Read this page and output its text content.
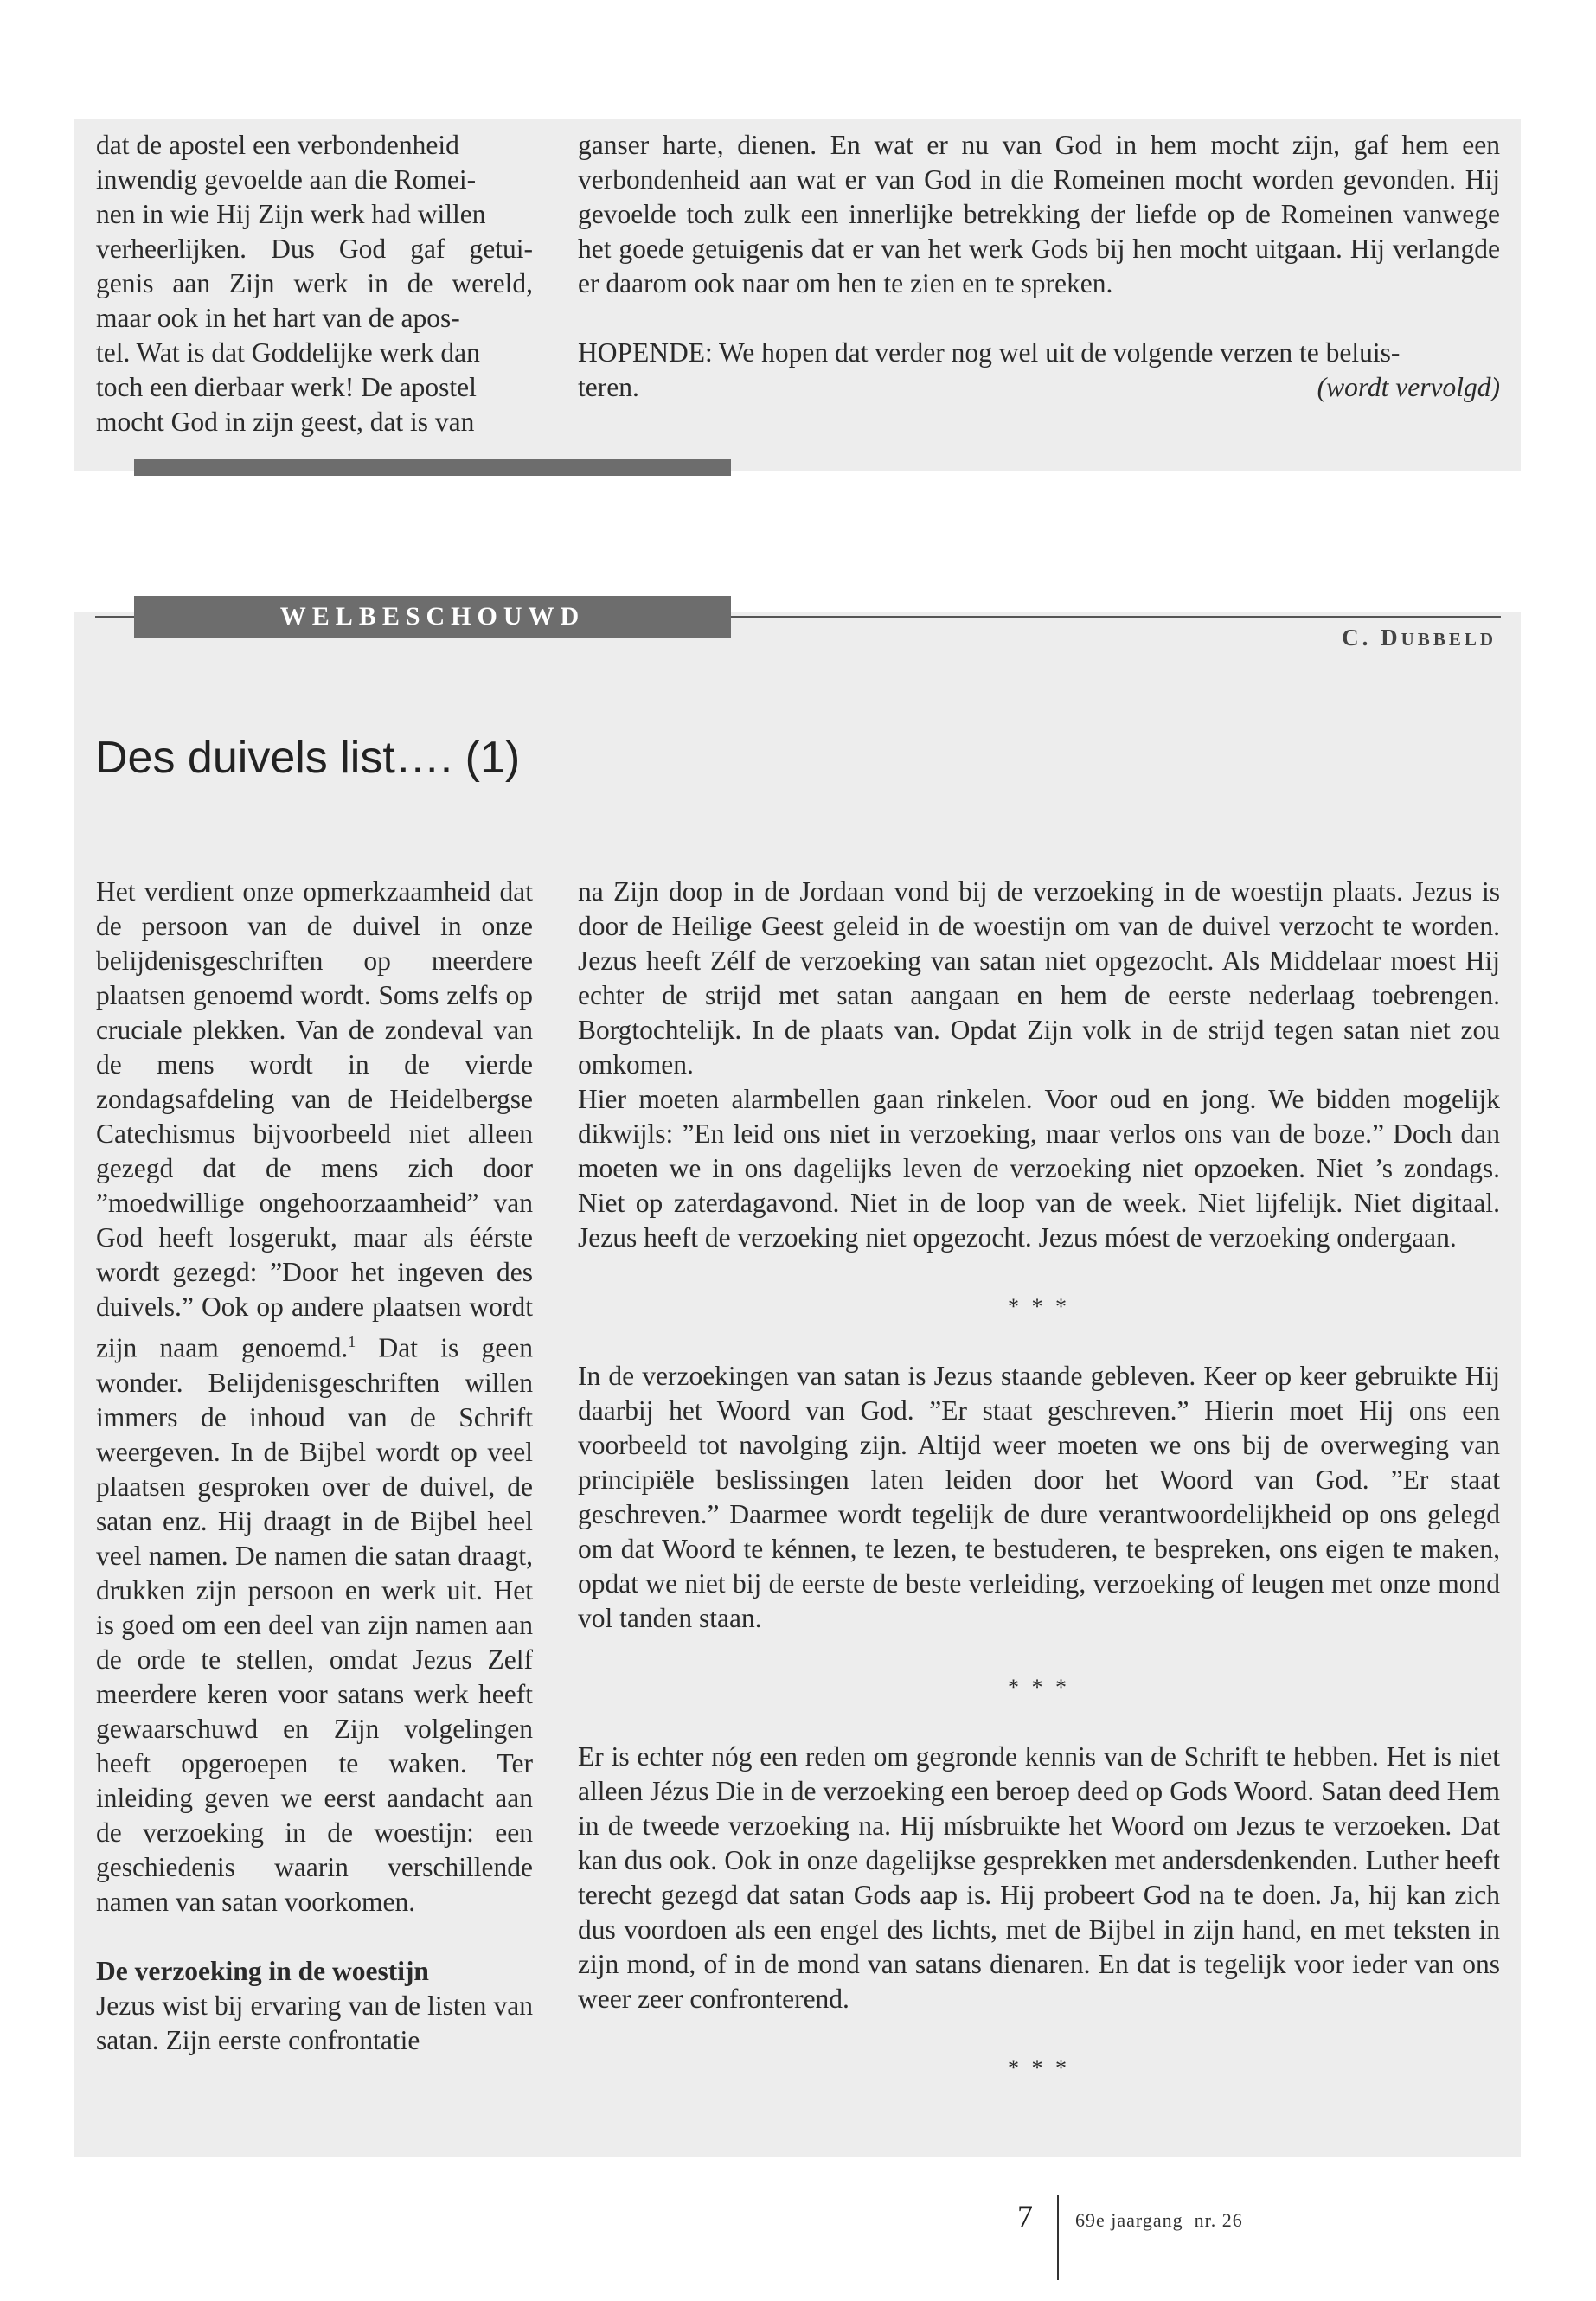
dat de apostel een verbondenheid
inwendig gevoelde aan die Romei-
nen in wie Hij Zijn werk had willen
verheerlijken. Dus God gaf getui-
genis aan Zijn werk in de wereld,
maar ook in het hart van de apos-
tel. Wat is dat Goddelijke werk dan
toch een dierbaar werk! De apostel
mocht God in zijn geest, dat is van

ganser harte, dienen. En wat er nu van God in hem mocht zijn, gaf hem een verbondenheid aan wat er van God in die Romeinen mocht worden gevonden. Hij gevoelde toch zulk een innerlijke betrekking der liefde op de Romeinen vanwege het goede getuigenis dat er van het werk Gods bij hen mocht uitgaan. Hij verlangde er daarom ook naar om hen te zien en te spreken.

HOPENDE: We hopen dat verder nog wel uit de volgende verzen te beluis-

teren.	(wordt vervolgd)

WELBESCHOUWD
C. DUBBELD
Des duivels list…. (1)

Het verdient onze opmerkzaamheid dat de persoon van de duivel in onze belijdenisgeschriften op meerdere plaatsen genoemd wordt. Soms zelfs op cruciale plekken. Van de zondeval van de mens wordt in de vierde zondagsafdeling van de Heidelbergse Catechismus bijvoorbeeld niet alleen gezegd dat de mens zich door ”moedwillige ongehoorzaamheid” van God heeft losgerukt, maar als éérste wordt gezegd: ”Door het ingeven des duivels.” Ook op andere plaatsen wordt zijn naam genoemd.$^1$ Dat is geen wonder. Belijdenisgeschriften willen immers de inhoud van de Schrift weergeven. In de Bijbel wordt op veel plaatsen gesproken over de duivel, de satan enz. Hij draagt in de Bijbel heel veel namen. De namen die satan draagt, drukken zijn persoon en werk uit. Het is goed om een deel van zijn namen aan de orde te stellen, omdat Jezus Zelf meerdere keren voor satans werk heeft gewaarschuwd en Zijn volgelingen heeft opgeroepen te waken. Ter inleiding geven we eerst aandacht aan de verzoeking in de woestijn: een geschiedenis waarin verschillende namen van satan voorkomen.

De verzoeking in de woestijn

Jezus wist bij ervaring van de listen van satan. Zijn eerste confrontatie

na Zijn doop in de Jordaan vond bij de verzoeking in de woestijn plaats. Jezus is door de Heilige Geest geleid in de woestijn om van de duivel verzocht te worden. Jezus heeft Zélf de verzoeking van satan niet opgezocht. Als Middelaar moest Hij echter de strijd met satan aangaan en hem de eerste nederlaag toebrengen. Borgtochtelijk. In de plaats van. Opdat Zijn volk in de strijd tegen satan niet zou omkomen.

Hier moeten alarmbellen gaan rinkelen. Voor oud en jong. We bidden mogelijk dikwijls: ”En leid ons niet in verzoeking, maar verlos ons van de boze.” Doch dan moeten we in ons dagelijks leven de verzoeking niet opzoeken. Niet ’s zondags. Niet op zaterdagavond. Niet in de loop van de week. Niet lijfelijk. Niet digitaal. Jezus heeft de verzoeking niet opgezocht. Jezus móest de verzoeking ondergaan.

* * *

In de verzoekingen van satan is Jezus staande gebleven. Keer op keer gebruikte Hij daarbij het Woord van God. ”Er staat geschreven.” Hierin moet Hij ons een voorbeeld tot navolging zijn. Altijd weer moeten we ons bij de overweging van principiële beslissingen laten leiden door het Woord van God. ”Er staat geschreven.” Daarmee wordt tegelijk de dure verantwoordelijkheid op ons gelegd om dat Woord te kénnen, te lezen, te bestuderen, te bespreken, ons eigen te maken, opdat we niet bij de eerste de beste verleiding, verzoeking of leugen met onze mond vol tanden staan.

* * *

Er is echter nóg een reden om gegronde kennis van de Schrift te hebben. Het is niet alleen Jézus Die in de verzoeking een beroep deed op Gods Woord. Satan deed Hem in de tweede verzoeking na. Hij mísbruikte het Woord om Jezus te verzoeken. Dat kan dus ook. Ook in onze dagelijkse gesprekken met andersdenkenden. Luther heeft terecht gezegd dat satan Gods aap is. Hij probeert God na te doen. Ja, hij kan zich dus voordoen als een engel des lichts, met de Bijbel in zijn hand, en met teksten in zijn mond, of in de mond van satans dienaren. En dat is tegelijk voor ieder van ons weer zeer confronterend.

* * *

7 69e jaargang  nr. 26
